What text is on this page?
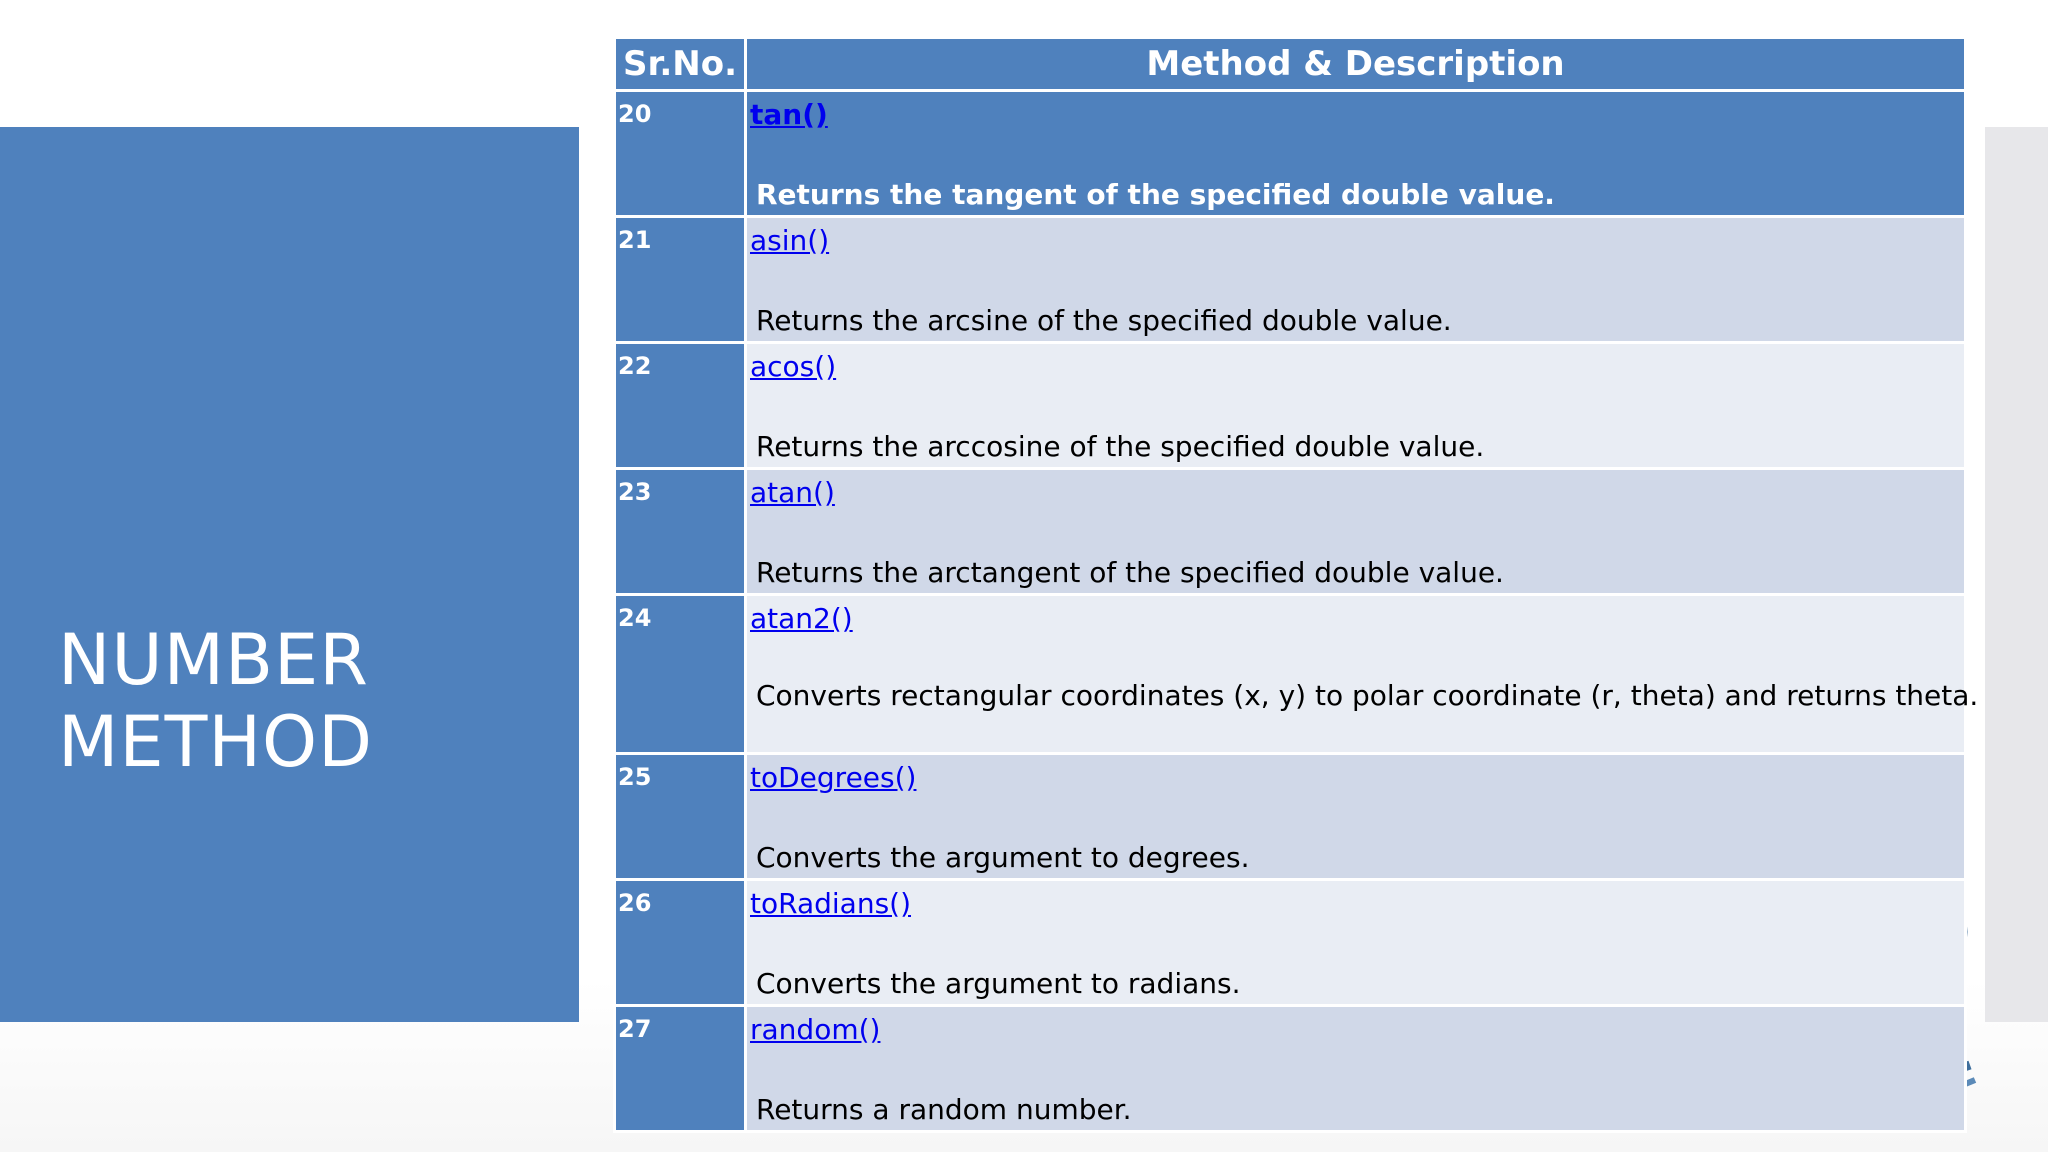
NUMBER
METHOD
Sr.No.	Method & Description
20	tan()
Returns the tangent of the specified double value.

21	asin()
Returns the arcsine of the specified double value.

22	acos()
Returns the arccosine of the specified double value.

23	atan()
Returns the arctangent of the specified double value.

24	atan2()
Converts rectangular coordinates (x, y) to polar coordinate (r, theta) and returns theta.

25	toDegrees()
Converts the argument to degrees.

26	toRadians()
Converts the argument to radians.

27	random()
Returns a random number.
